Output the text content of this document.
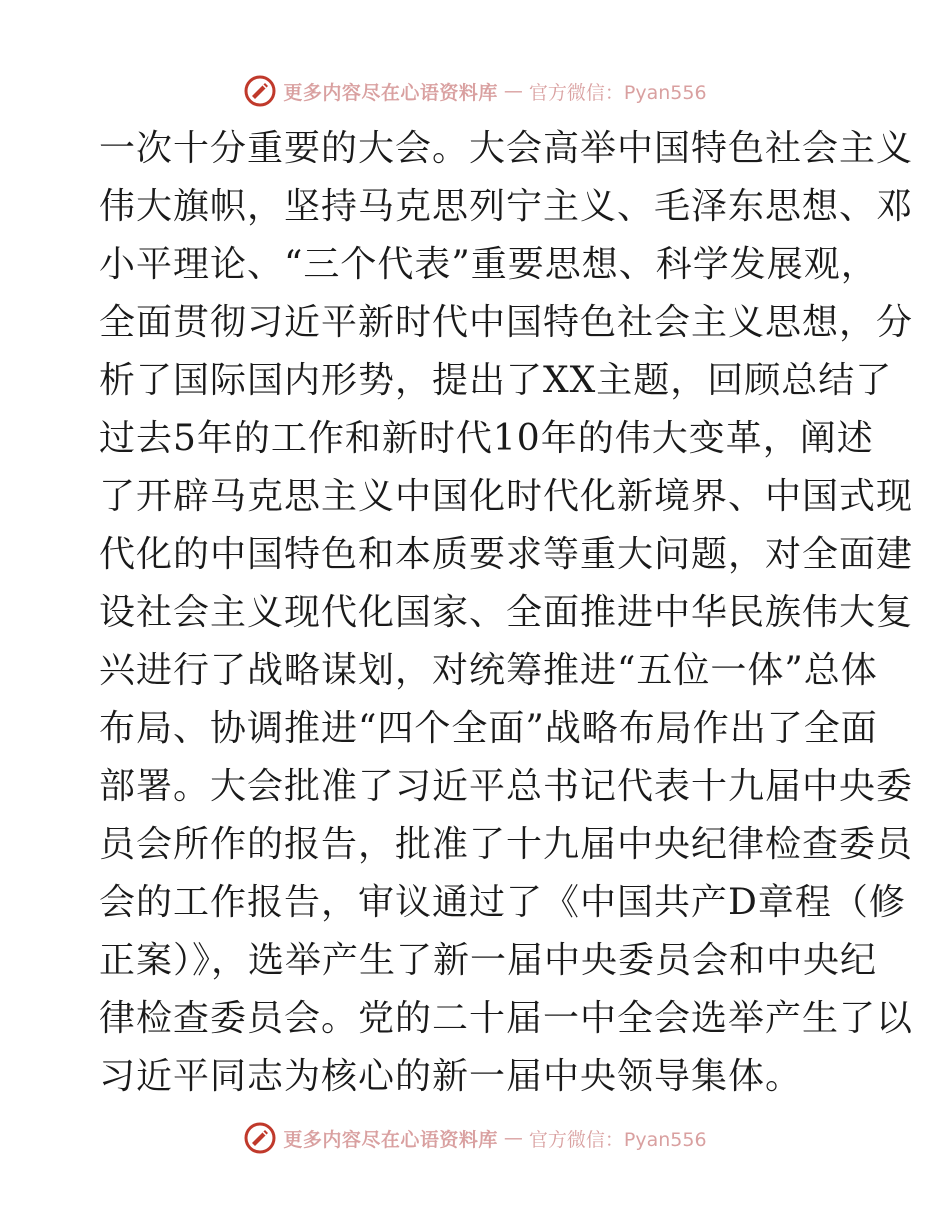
更多内容尽在心语资料库 — 官方微信：Pyan556
一次十分重要的大会。大会高举中国特色社会主义
伟大旗帜，坚持马克思列宁主义、毛泽东思想、邓
小平理论、“三个代表”重要思想、科学发展观，
全面贯彻习近平新时代中国特色社会主义思想，分
析了国际国内形势，提出了XX主题，回顾总结了
过去5年的工作和新时代10年的伟大变革，阐述
了开辟马克思主义中国化时代化新境界、中国式现
代化的中国特色和本质要求等重大问题，对全面建
设社会主义现代化国家、全面推进中华民族伟大复
兴进行了战略谋划，对统筹推进“五位一体”总体
布局、协调推进“四个全面”战略布局作出了全面
部署。大会批准了习近平总书记代表十九届中央委
员会所作的报告，批准了十九届中央纪律检查委员
会的工作报告，审议通过了《中国共产D章程（修
正案）》，选举产生了新一届中央委员会和中央纪
律检查委员会。党的二十届一中全会选举产生了以
习近平同志为核心的新一届中央领导集体。
更多内容尽在心语资料库 — 官方微信：Pyan556
